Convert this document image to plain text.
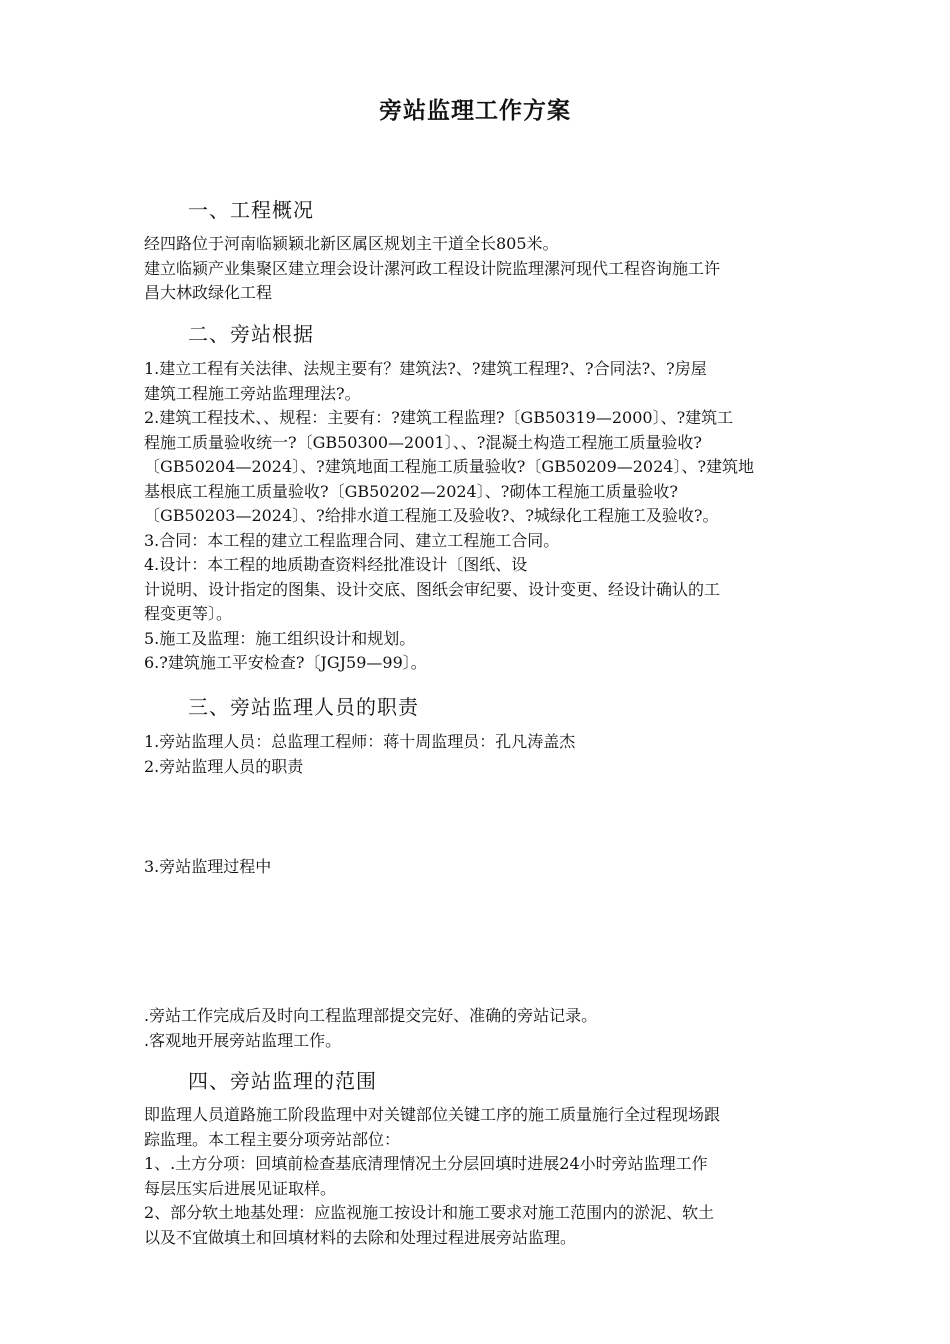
旁站监理工作方案
一、工程概况
经四路位于河南临颍颖北新区属区规划主干道全长805米。
建立临颍产业集聚区建立理会设计漯河政工程设计院监理漯河现代工程咨询施工许
昌大林政绿化工程
二、旁站根据
1.建立工程有关法律、法规主要有？建筑法?、?建筑工程理?、?合同法?、?房屋
建筑工程施工旁站监理理法?。
2.建筑工程技术、、规程：主要有：?建筑工程监理?〔GB50319—2000〕、?建筑工
程施工质量验收统一?〔GB50300—2001〕、、?混凝土构造工程施工质量验收?
〔GB50204—2024〕、?建筑地面工程施工质量验收?〔GB50209—2024〕、?建筑地
基根底工程施工质量验收?〔GB50202—2024〕、?砌体工程施工质量验收?
〔GB50203—2024〕、?给排水道工程施工及验收?、?城绿化工程施工及验收?。
3.合同：本工程的建立工程监理合同、建立工程施工合同。
4.设计：本工程的地质勘查资料经批准设计〔图纸、设
计说明、设计指定的图集、设计交底、图纸会审纪要、设计变更、经设计确认的工
程变更等〕。
5.施工及监理：施工组织设计和规划。
6.?建筑施工平安检查?〔JGJ59—99〕。
三、旁站监理人员的职责
1.旁站监理人员：总监理工程师：蒋十周监理员：孔凡涛盖杰
2.旁站监理人员的职责
3.旁站监理过程中
.旁站工作完成后及时向工程监理部提交完好、准确的旁站记录。
.客观地开展旁站监理工作。
四、旁站监理的范围
即监理人员道路施工阶段监理中对关键部位关键工序的施工质量施行全过程现场跟
踪监理。本工程主要分项旁站部位：
1、.土方分项：回填前检查基底清理情况土分层回填时进展24小时旁站监理工作
每层压实后进展见证取样。
2、部分软土地基处理：应监视施工按设计和施工要求对施工范围内的淤泥、软土
以及不宜做填土和回填材料的去除和处理过程进展旁站监理。
